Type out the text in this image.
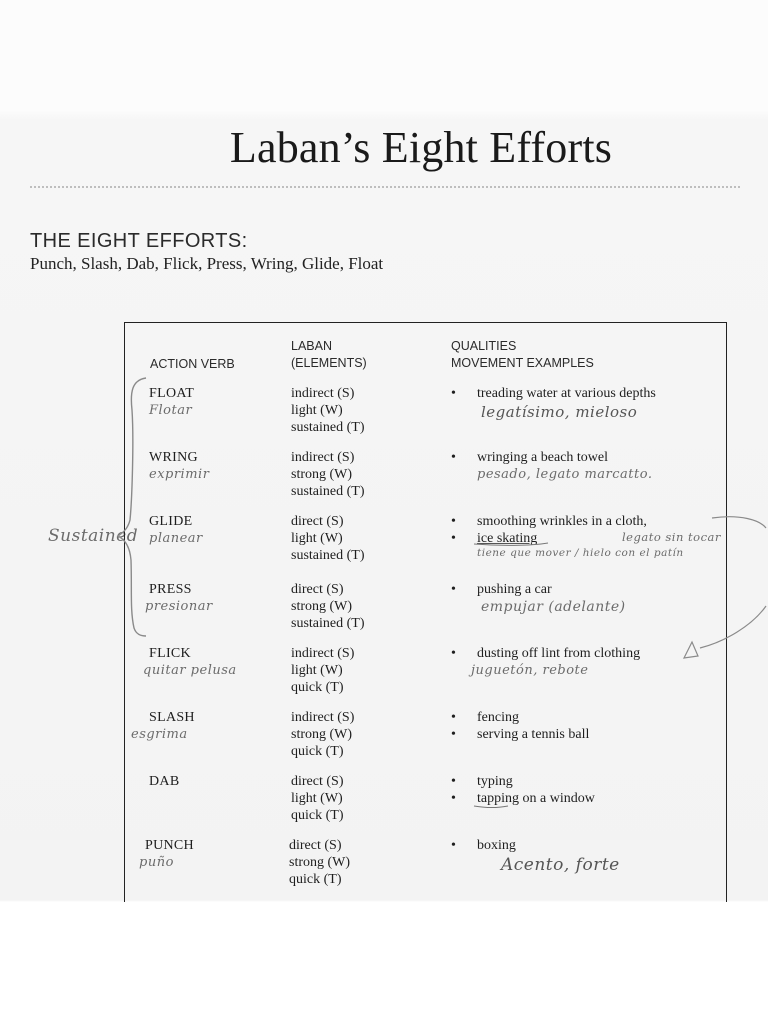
Laban’s Eight Efforts
THE EIGHT EFFORTS:
Punch, Slash, Dab, Flick, Press, Wring, Glide, Float
Sustained	legato sin tocar
ACTION VERB
LABAN
(ELEMENTS)
QUALITIES
MOVEMENT EXAMPLES
FLOAT
Flotar
indirect (S)
light (W)
sustained (T)
• treading water at various depths
legatísimo, mieloso
WRING
exprimir
indirect (S)
strong (W)
sustained (T)
• wringing a beach towel
pesado, legato marcatto.
GLIDE
planear
direct (S)
light (W)
sustained (T)
• smoothing wrinkles in a cloth,
• ice skating
tiene que mover / hielo con el patín
PRESS
presionar
direct (S)
strong (W)
sustained (T)
• pushing a car
empujar (adelante)
FLICK
quitar pelusa
indirect (S)
light (W)
quick (T)
• dusting off lint from clothing
juguetón, rebote
SLASH
esgrima
indirect (S)
strong (W)
quick (T)
• fencing
• serving a tennis ball
DAB	direct (S)
light (W)
quick (T)
• typing
• tapping on a window
PUNCH
puño
direct (S)
strong (W)
quick (T)
• boxing
Acento, forte
